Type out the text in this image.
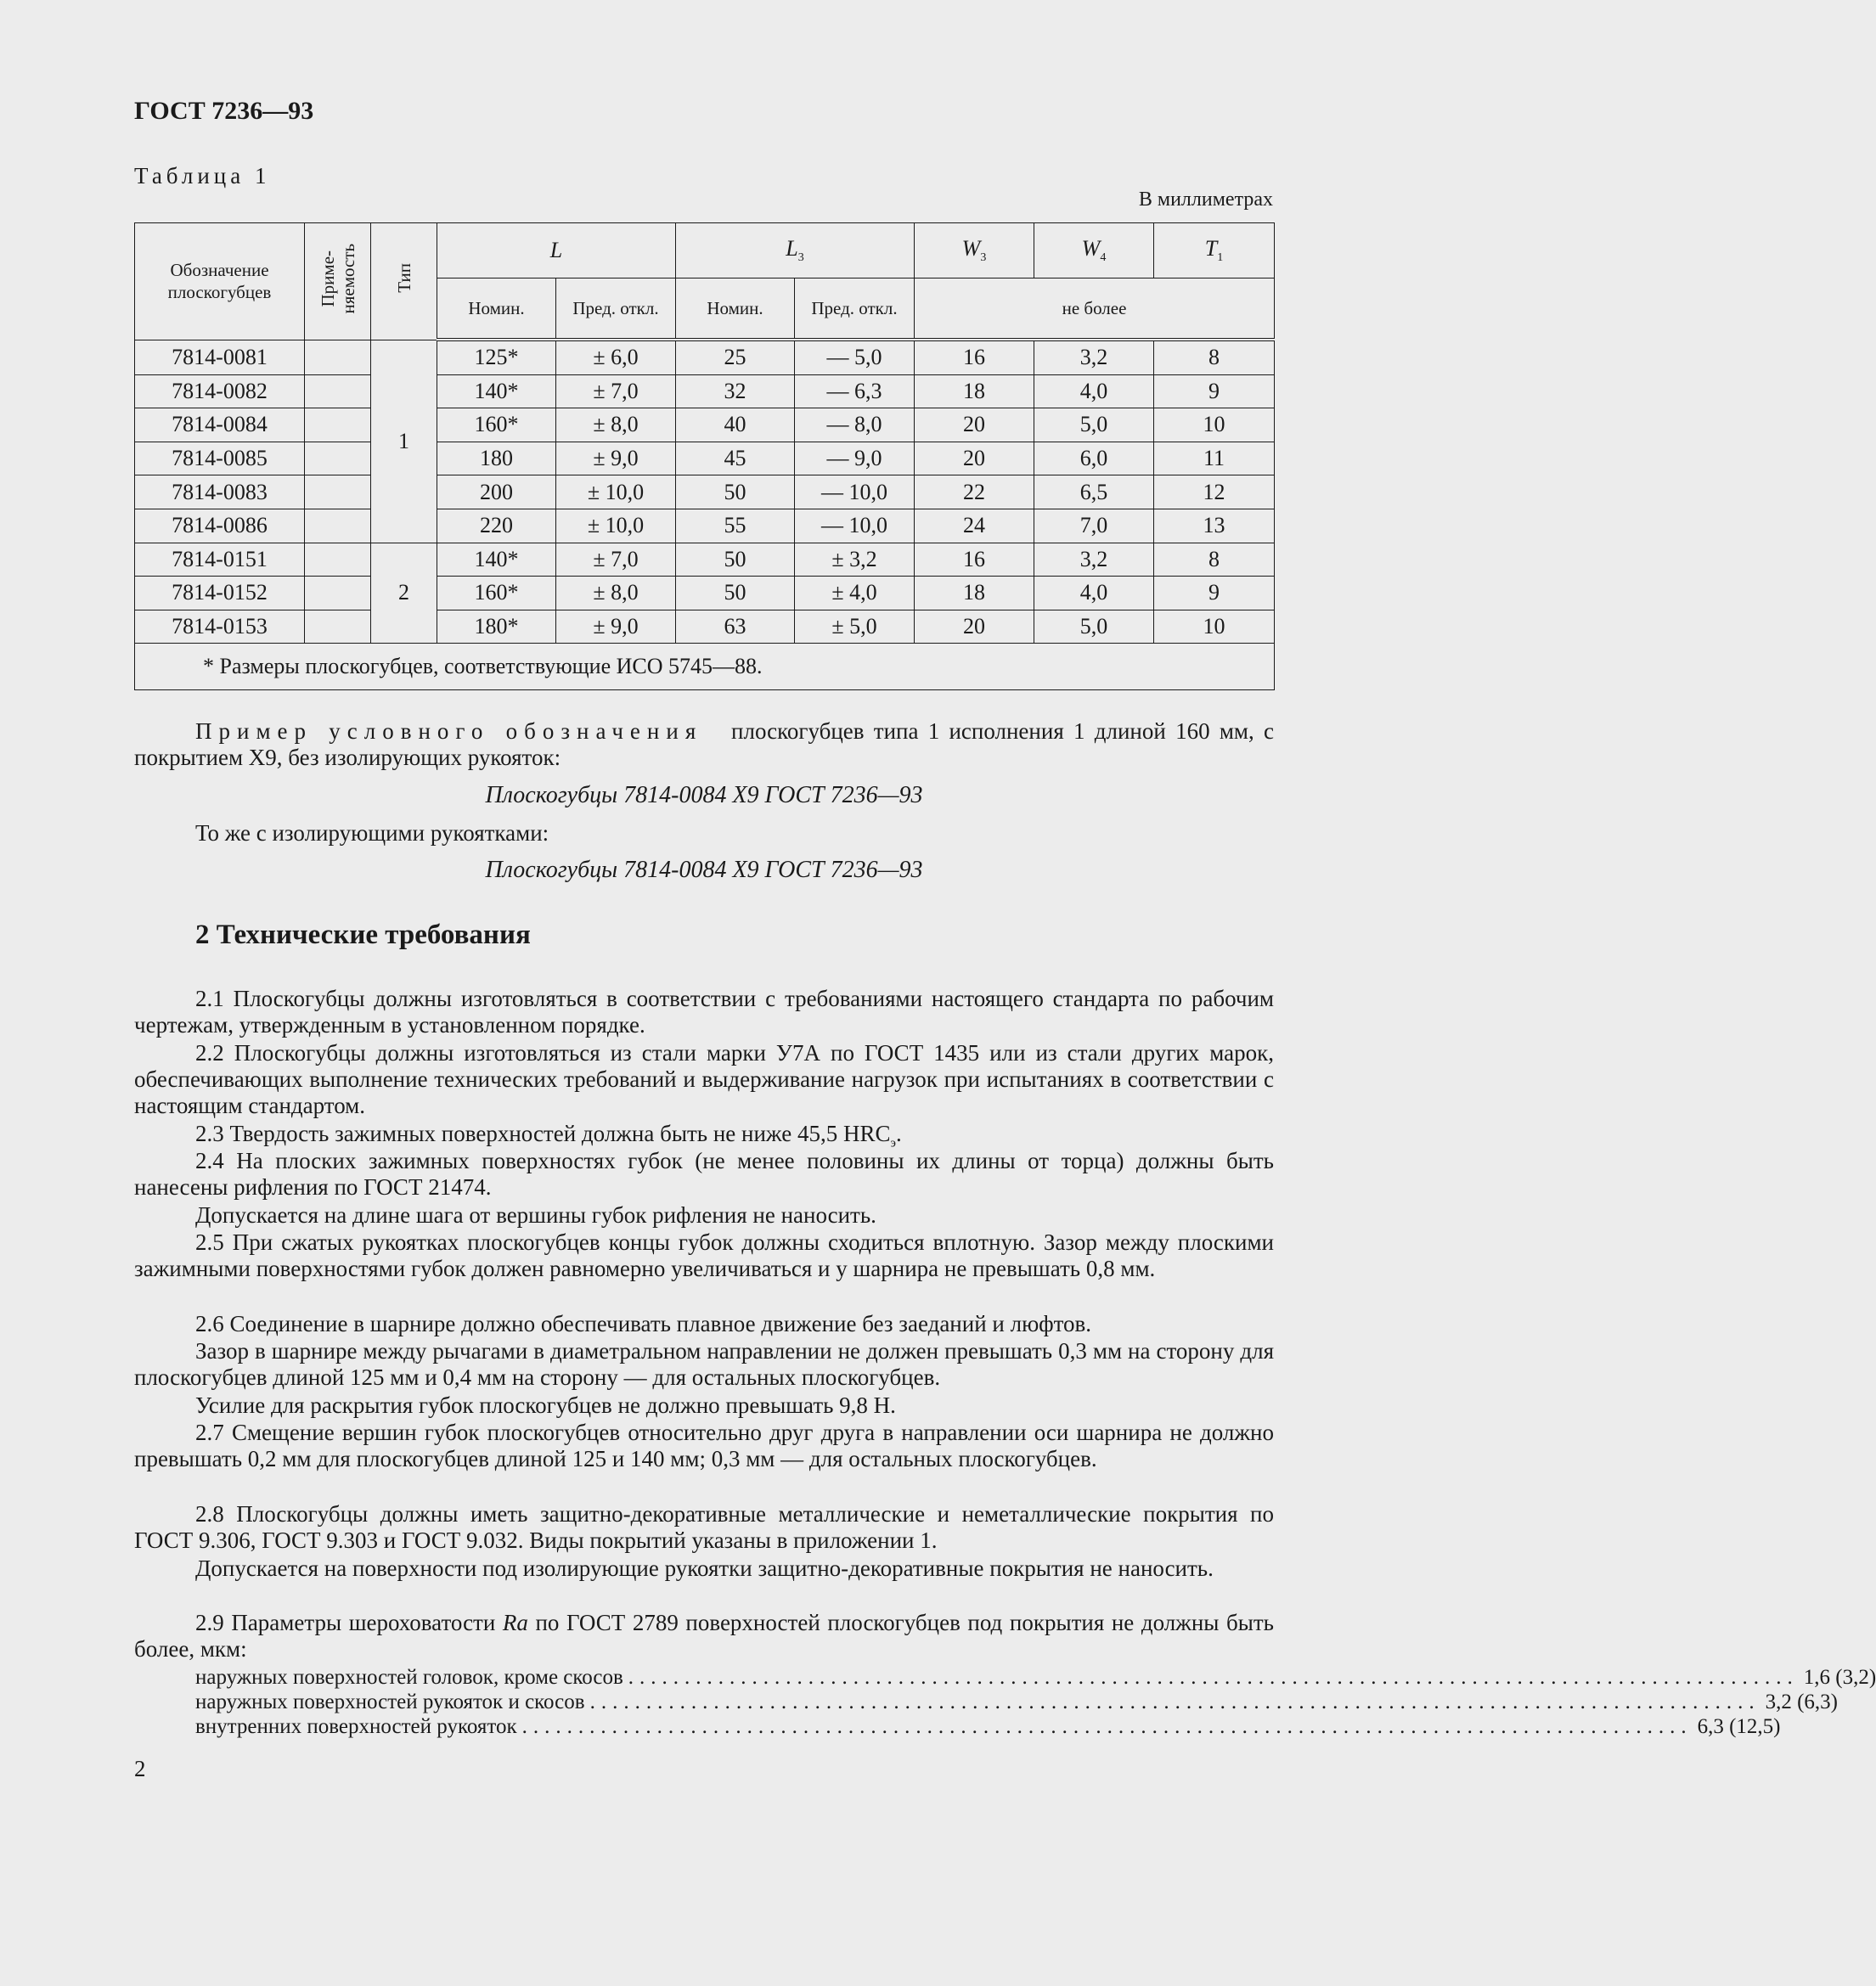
ГОСТ 7236—93
Таблица 1
В миллиметрах
Обозначение плоскогубцев	Приме-няемость	Тип	L		$L_3$		$W_3$	$W_4$	$T_1$
			Номин.	Пред. откл.	Номин.	Пред. откл.	не более		
7814-0081		1	125*	± 6,0	25	— 5,0	16	3,2	8
7814-0082			140*	± 7,0	32	— 6,3	18	4,0	9
7814-0084			160*	± 8,0	40	— 8,0	20	5,0	10
7814-0085			180	± 9,0	45	— 9,0	20	6,0	11
7814-0083			200	± 10,0	50	— 10,0	22	6,5	12
7814-0086			220	± 10,0	55	— 10,0	24	7,0	13
7814-0151		2	140*	± 7,0	50	± 3,2	16	3,2	8
7814-0152			160*	± 8,0	50	± 4,0	18	4,0	9
7814-0153			180*	± 9,0	63	± 5,0	20	5,0	10
* Размеры плоскогубцев, соответствующие ИСО 5745—88.									
Пример условного обозначения плоскогубцев типа 1 исполнения 1 длиной 160 мм, с покрытием Х9, без изолирующих рукояток:
Плоскогубцы 7814-0084 Х9 ГОСТ 7236—93
То же с изолирующими рукоятками:
Плоскогубцы 7814-0084 Х9 ГОСТ 7236—93
2 Технические требования
2.1 Плоскогубцы должны изготовляться в соответствии с требованиями настоящего стандарта по рабочим чертежам, утвержденным в установленном порядке.
2.2 Плоскогубцы должны изготовляться из стали марки У7А по ГОСТ 1435 или из стали других марок, обеспечивающих выполнение технических требований и выдерживание нагрузок при испытаниях в соответствии с настоящим стандартом.
2.3 Твердость зажимных поверхностей должна быть не ниже 45,5 $HRC_э$.
2.4 На плоских зажимных поверхностях губок (не менее половины их длины от торца) должны быть нанесены рифления по ГОСТ 21474.
Допускается на длине шага от вершины губок рифления не наносить.
2.5 При сжатых рукоятках плоскогубцев концы губок должны сходиться вплотную. Зазор между плоскими зажимными поверхностями губок должен равномерно увеличиваться и у шарнира не превышать 0,8 мм.
2.6 Соединение в шарнире должно обеспечивать плавное движение без заеданий и люфтов.
Зазор в шарнире между рычагами в диаметральном направлении не должен превышать 0,3 мм на сторону для плоскогубцев длиной 125 мм и 0,4 мм на сторону — для остальных плоскогубцев.
Усилие для раскрытия губок плоскогубцев не должно превышать 9,8 Н.
2.7 Смещение вершин губок плоскогубцев относительно друг друга в направлении оси шарнира не должно превышать 0,2 мм для плоскогубцев длиной 125 и 140 мм; 0,3 мм — для остальных плоскогубцев.
2.8 Плоскогубцы должны иметь защитно-декоративные металлические и неметаллические покрытия по ГОСТ 9.306, ГОСТ 9.303 и ГОСТ 9.032. Виды покрытий указаны в приложении 1.
Допускается на поверхности под изолирующие рукоятки защитно-декоративные покрытия не наносить.
2.9 Параметры шероховатости Ra по ГОСТ 2789 поверхностей плоскогубцев под покрытия не должны быть более, мкм:
наружных поверхностей головок, кроме скосов ........................................................................................................ 1,6 (3,2)
наружных поверхностей рукояток и скосов ........................................................................................................ 3,2 (6,3)
внутренних поверхностей рукояток ........................................................................................................ 6,3 (12,5)
2
